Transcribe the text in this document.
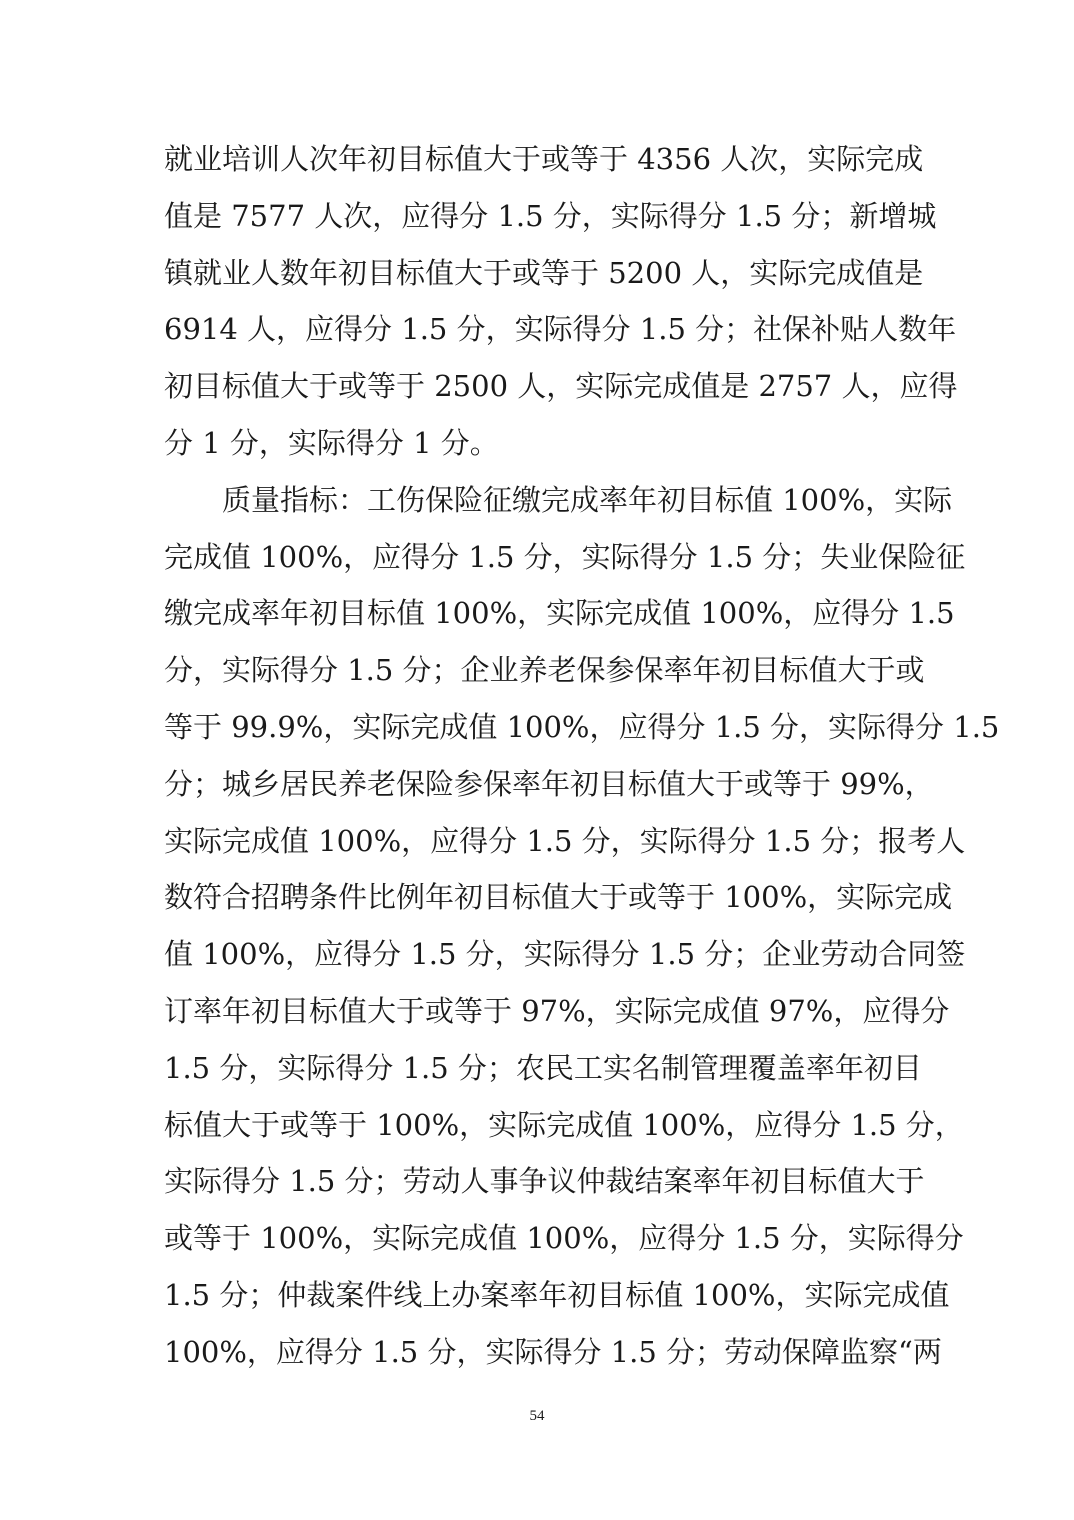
就业培训人次年初目标值大于或等于 4356 人次，实际完成
值是 7577 人次，应得分 1.5 分，实际得分 1.5 分；新增城
镇就业人数年初目标值大于或等于 5200 人，实际完成值是
6914 人，应得分 1.5 分，实际得分 1.5 分；社保补贴人数年
初目标值大于或等于 2500 人，实际完成值是 2757 人，应得
分 1 分，实际得分 1 分。
质量指标：工伤保险征缴完成率年初目标值 100%，实际
完成值 100%，应得分 1.5 分，实际得分 1.5 分；失业保险征
缴完成率年初目标值 100%，实际完成值 100%，应得分 1.5
分，实际得分 1.5 分；企业养老保参保率年初目标值大于或
等于 99.9%，实际完成值 100%，应得分 1.5 分，实际得分 1.5
分；城乡居民养老保险参保率年初目标值大于或等于 99%，
实际完成值 100%，应得分 1.5 分，实际得分 1.5 分；报考人
数符合招聘条件比例年初目标值大于或等于 100%，实际完成
值 100%，应得分 1.5 分，实际得分 1.5 分；企业劳动合同签
订率年初目标值大于或等于 97%，实际完成值 97%，应得分
1.5 分，实际得分 1.5 分；农民工实名制管理覆盖率年初目
标值大于或等于 100%，实际完成值 100%，应得分 1.5 分，
实际得分 1.5 分；劳动人事争议仲裁结案率年初目标值大于
或等于 100%，实际完成值 100%，应得分 1.5 分，实际得分
1.5 分；仲裁案件线上办案率年初目标值 100%，实际完成值
100%，应得分 1.5 分，实际得分 1.5 分；劳动保障监察“两
54
